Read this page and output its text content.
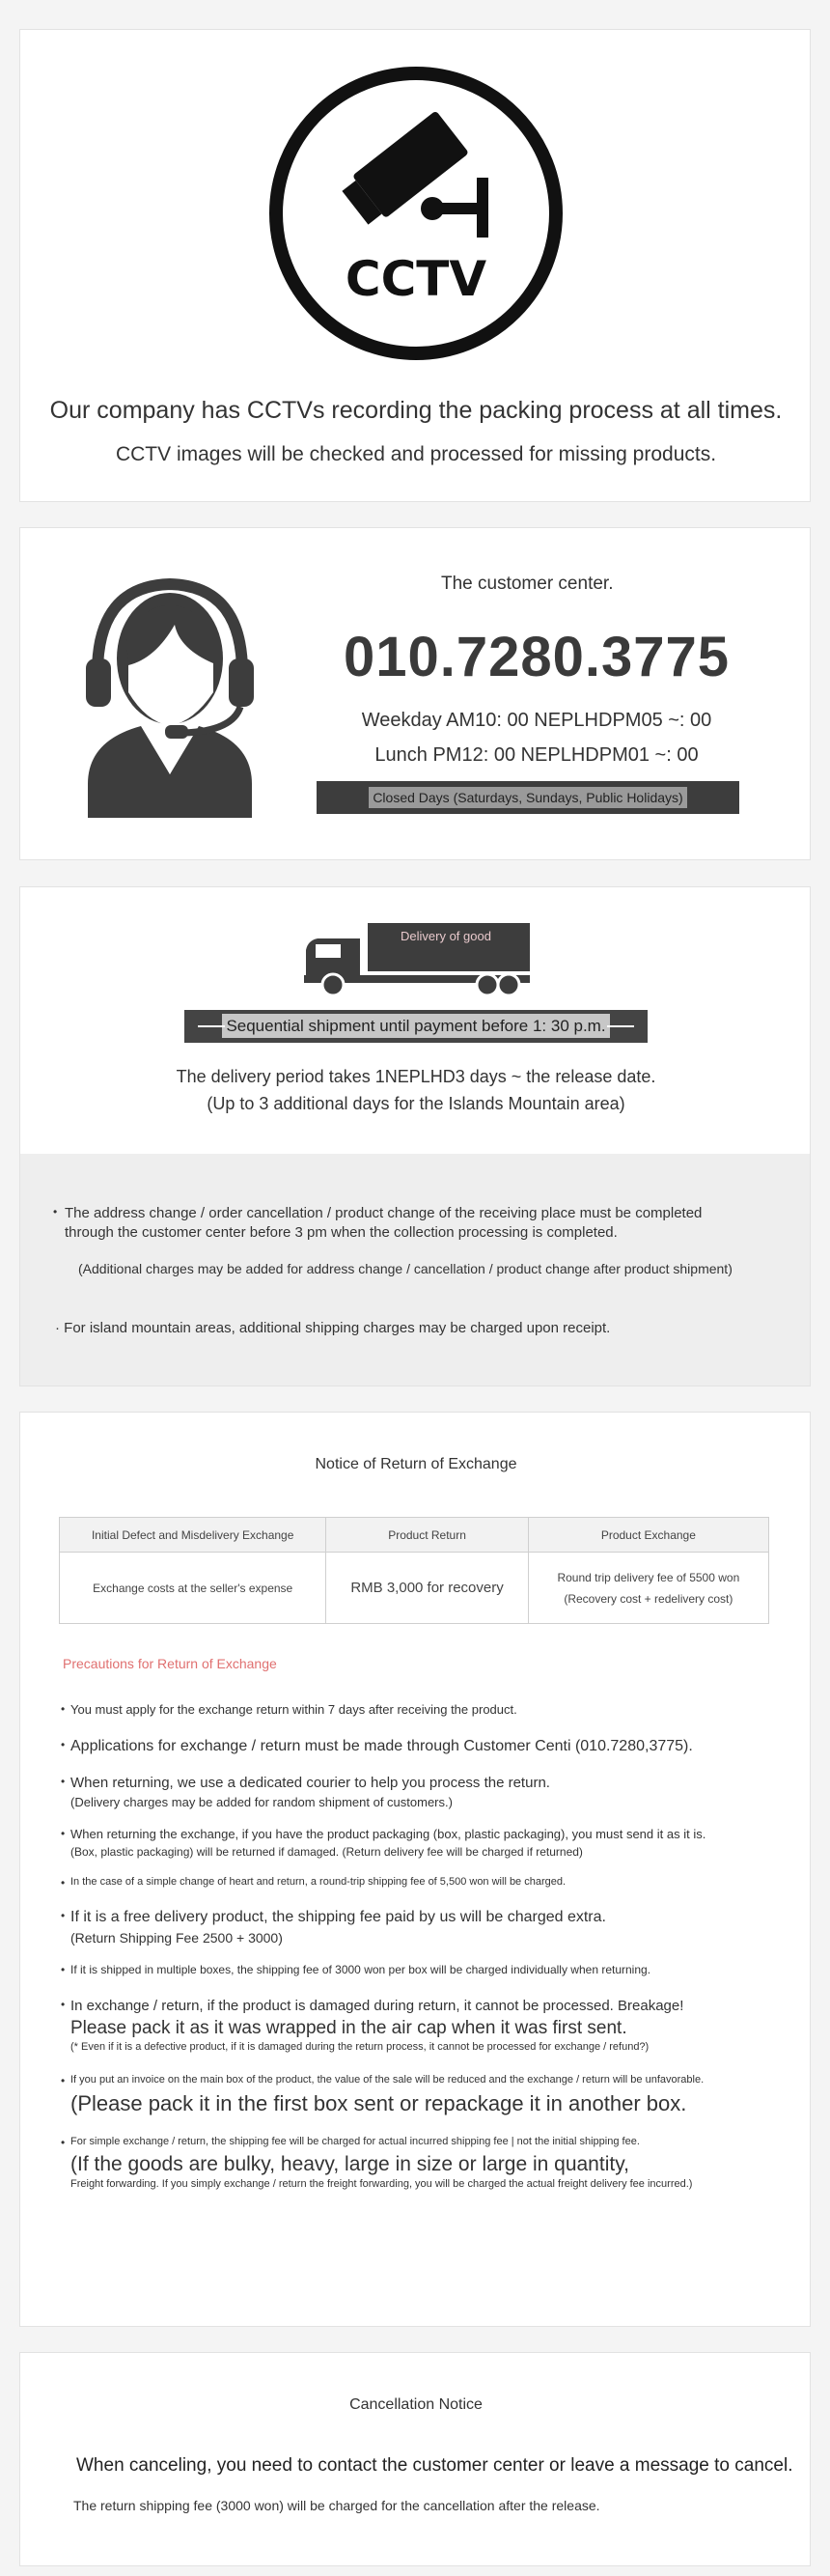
CCTV

Our company has CCTVs recording the packing process at all times.

CCTV images will be checked and processed for missing products.

The customer center.

010.7280.3775

Weekday AM10: 00 NEPLHDPM05 ~: 00

Lunch PM12: 00 NEPLHDPM01 ~: 00

Closed Days (Saturdays, Sundays, Public Holidays)

Delivery of good

Sequential shipment until payment before 1: 30 p.m.

The delivery period takes 1NEPLHD3 days ~ the release date.

(Up to 3 additional days for the Islands Mountain area)

• The address change / order cancellation / product change of the receiving place must be completed through the customer center before 3 pm when the collection processing is completed.

(Additional charges may be added for address change / cancellation / product change after product shipment)

· For island mountain areas, additional shipping charges may be charged upon receipt.

Notice of Return of Exchange

Initial Defect and Misdelivery Exchange	Product Return	Product Exchange
Exchange costs at the seller's expense	RMB 3,000 for recovery	Round trip delivery fee of 5500 won
(Recovery cost + redelivery cost)

Precautions for Return of Exchange

• You must apply for the exchange return within 7 days after receiving the product.
• Applications for exchange / return must be made through Customer Centi (010.7280,3775).
• When returning, we use a dedicated courier to help you process the return.
(Delivery charges may be added for random shipment of customers.)
• When returning the exchange, if you have the product packaging (box, plastic packaging), you must send it as it is.
(Box, plastic packaging) will be returned if damaged. (Return delivery fee will be charged if returned)
• In the case of a simple change of heart and return, a round-trip shipping fee of 5,500 won will be charged.
• If it is a free delivery product, the shipping fee paid by us will be charged extra.
(Return Shipping Fee 2500 + 3000)
• If it is shipped in multiple boxes, the shipping fee of 3000 won per box will be charged individually when returning.
• In exchange / return, if the product is damaged during return, it cannot be processed. Breakage!
Please pack it as it was wrapped in the air cap when it was first sent.
(* Even if it is a defective product, if it is damaged during the return process, it cannot be processed for exchange / refund?)
• If you put an invoice on the main box of the product, the value of the sale will be reduced and the exchange / return will be unfavorable.
(Please pack it in the first box sent or repackage it in another box.
• For simple exchange / return, the shipping fee will be charged for actual incurred shipping fee | not the initial shipping fee.
(If the goods are bulky, heavy, large in size or large in quantity,
Freight forwarding. If you simply exchange / return the freight forwarding, you will be charged the actual freight delivery fee incurred.)

Cancellation Notice

When canceling, you need to contact the customer center or leave a message to cancel.

The return shipping fee (3000 won) will be charged for the cancellation after the release.
